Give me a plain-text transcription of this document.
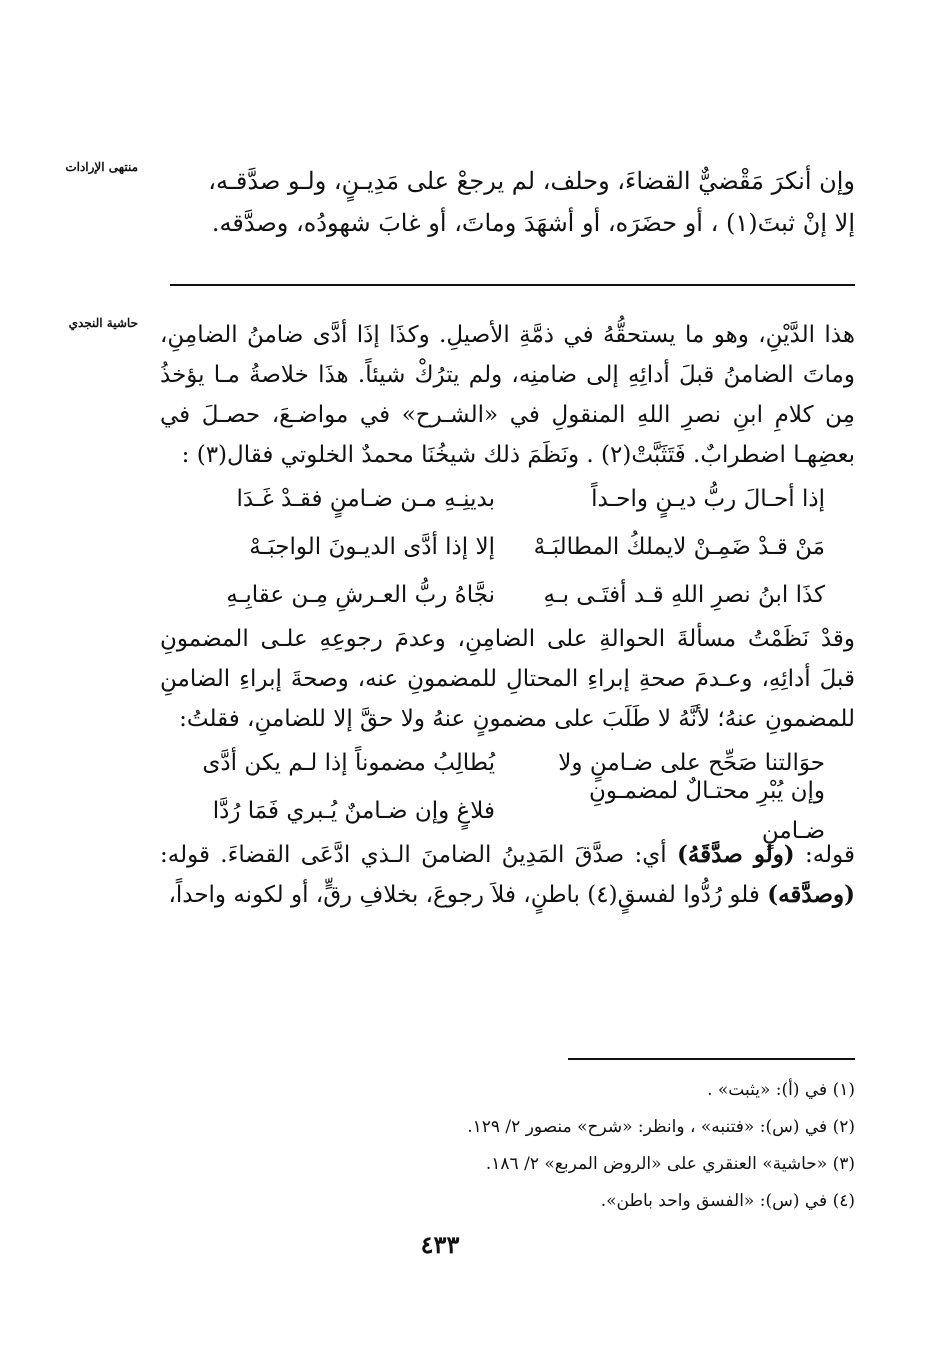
منتهى الإرادات
حاشية النجدي
وإن أنكرَ مَقْضيٌّ القضاءَ، وحلف، لم يرجعْ على مَدِيـنٍ، ولـو صدَّقـه،
إلا إنْ ثبتَ(١) ، أو حضَرَه، أو أشهَدَ وماتَ، أو غابَ شهودُه، وصدَّقه.

هذا الدَّيْنِ، وهو ما يستحقُّهُ في ذمَّةِ الأصيلِ. وكذَا إذَا أدَّى ضامنُ الضامِنِ، وماتَ الضامنُ قبلَ أدائِهِ إلى ضامنِه، ولم يترُكْ شيئاً. هذَا خلاصةُ مـا يؤخذُ مِن كلامِ ابنِ نصرِ اللهِ المنقولِ في «الشـرح» في مواضـعَ، حصـلَ في بعضِهـا اضطرابٌ. فَتَثَبَّتْ(٢) . ونَظَمَ ذلك شيخُنَا محمدٌ الخلوتي فقال(٣) :

إذا أحـالَ ربُّ ديـنٍ واحـداً
بدينِـهِ مـن ضـامنٍ فقـدْ غَـدَا
مَنْ قـدْ ضَمِـنْ لايملكُ المطالبَـهْ
إلا إذا أدَّى الديـونَ الواجبَـهْ
كذَا ابنُ نصرِ اللهِ قـد أفتَـى بـهِ
نجَّاهُ ربُّ العـرشِ مِـن عقابِـهِ

وقدْ نَظَمْتُ مسألةَ الحوالةِ على الضامِنِ، وعدمَ رجوعِهِ علـى المضمونِ قبلَ أدائِهِ، وعـدمَ صحةِ إبراءِ المحتالِ للمضمونِ عنه، وصحةَ إبراءِ الضامنِ للمضمونِ عنهُ؛ لأنَّهُ لا طَلَبَ على مضمونٍ عنهُ ولا حقَّ إلا للضامنِ، فقلتُ:

حوَالتنا صَحِّح على ضـامنٍ ولا
يُطالِبُ مضموناً إذا لـم يكن أدَّى
وإن يُبْرِ محتـالٌ لمضمـونِ ضـامنٍ
فلاغٍ وإن ضـامنٌ يُـبري فَمَا رُدَّا

قوله: (ولو صدَّقَهُ) أي: صدَّقَ المَدِينُ الضامنَ الـذي ادَّعَى القضاءَ. قوله: (وصدَّقه) فلو رُدُّوا لفسقٍ(٤) باطنٍ، فلاَ رجوعَ، بخلافِ رقٍّ، أو لكونه واحداً،

(١) في (أ): «يثبت» .
(٢) في (س): «فتنبه» ، وانظر: «شرح» منصور ٢/ ١٢٩.
(٣) «حاشية» العنقري على «الروض المربع» ٢/ ١٨٦.
(٤) في (س): «الفسق واحد باطن».
٤٣٣
